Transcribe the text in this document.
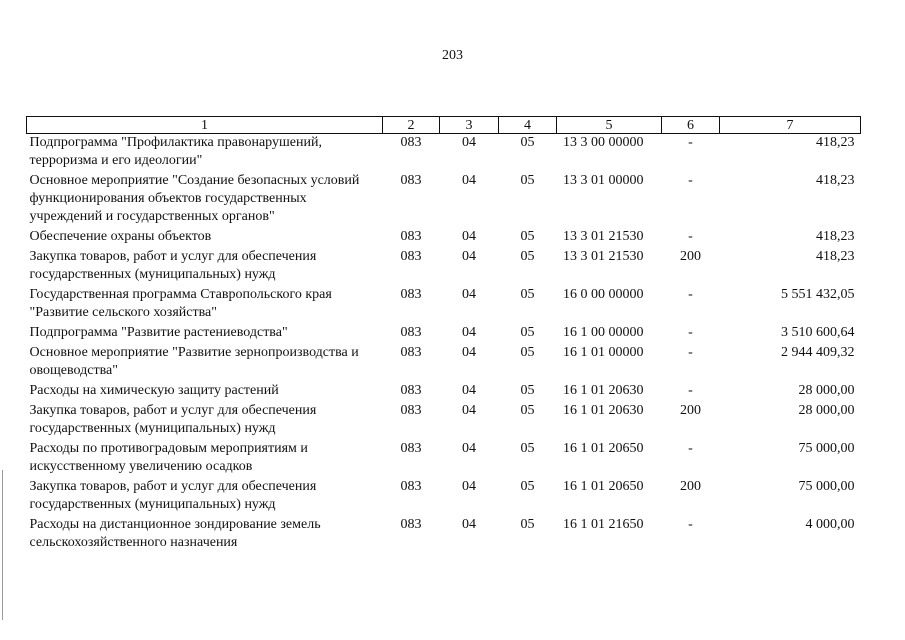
203
1	2	3	4	5	6	7
Подпрограмма "Профилактика правонарушений, терроризма и его идеологии"	083	04	05	13 3 00 00000	-	418,23
Основное мероприятие "Создание безопасных условий функционирования объектов государственных учреждений и государственных органов"	083	04	05	13 3 01 00000	-	418,23
Обеспечение охраны объектов	083	04	05	13 3 01 21530	-	418,23
Закупка товаров, работ и услуг для обеспечения государственных (муниципальных) нужд	083	04	05	13 3 01 21530	200	418,23
Государственная программа Ставропольского края "Развитие сельского хозяйства"	083	04	05	16 0 00 00000	-	5 551 432,05
Подпрограмма "Развитие растениеводства"	083	04	05	16 1 00 00000	-	3 510 600,64
Основное мероприятие "Развитие зернопроизводства и овощеводства"	083	04	05	16 1 01 00000	-	2 944 409,32
Расходы на химическую защиту растений	083	04	05	16 1 01 20630	-	28 000,00
Закупка товаров, работ и услуг для обеспечения государственных (муниципальных) нужд	083	04	05	16 1 01 20630	200	28 000,00
Расходы по противоградовым мероприятиям и искусственному увеличению осадков	083	04	05	16 1 01 20650	-	75 000,00
Закупка товаров, работ и услуг для обеспечения государственных (муниципальных) нужд	083	04	05	16 1 01 20650	200	75 000,00
Расходы на дистанционное зондирование земель сельскохозяйственного назначения	083	04	05	16 1 01 21650	-	4 000,00
